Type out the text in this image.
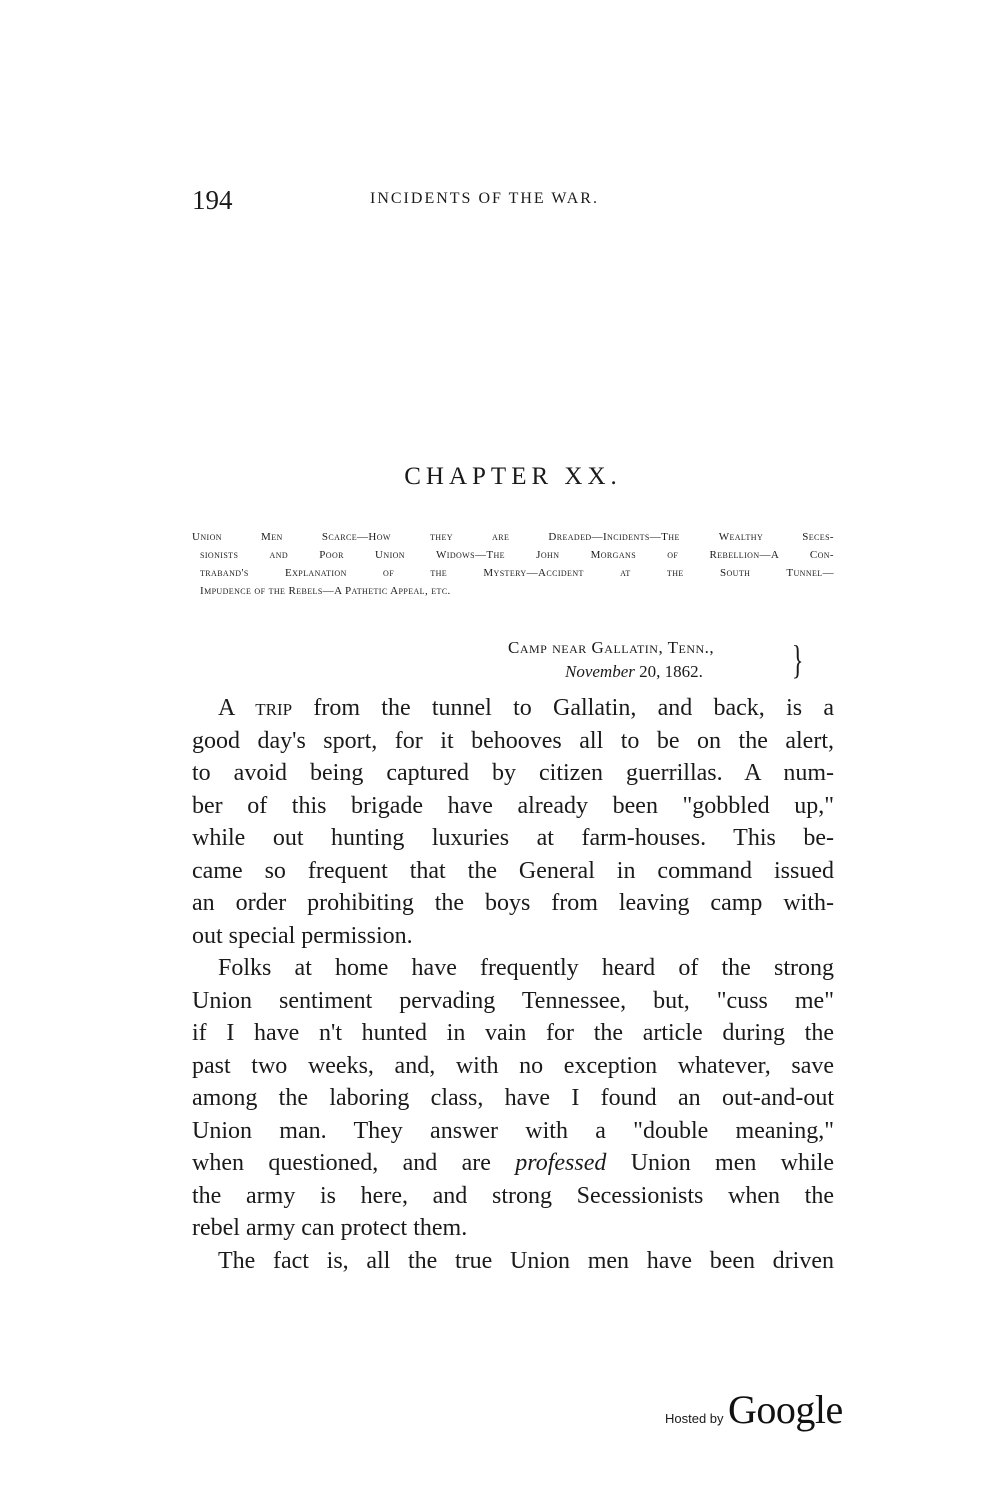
194	INCIDENTS OF THE WAR.
CHAPTER XX.
Union Men Scarce—How they are Dreaded—Incidents—The Wealthy Seces-
sionists and Poor Union Widows—The John Morgans of Rebellion—A Con-
traband's Explanation of the Mystery—Accident at the South Tunnel—
Impudence of the Rebels—A Pathetic Appeal, etc.
Camp near Gallatin, Tenn.,
November 20, 1862. }
A trip from the tunnel to Gallatin, and back, is a
good day's sport, for it behooves all to be on the alert,
to avoid being captured by citizen guerrillas. A num-
ber of this brigade have already been "gobbled up,"
while out hunting luxuries at farm-houses. This be-
came so frequent that the General in command issued
an order prohibiting the boys from leaving camp with-
out special permission.
Folks at home have frequently heard of the strong
Union sentiment pervading Tennessee, but, "cuss me"
if I have n't hunted in vain for the article during the
past two weeks, and, with no exception whatever, save
among the laboring class, have I found an out-and-out
Union man. They answer with a "double meaning,"
when questioned, and are professed Union men while
the army is here, and strong Secessionists when the
rebel army can protect them.
The fact is, all the true Union men have been driven
Hosted by Google
